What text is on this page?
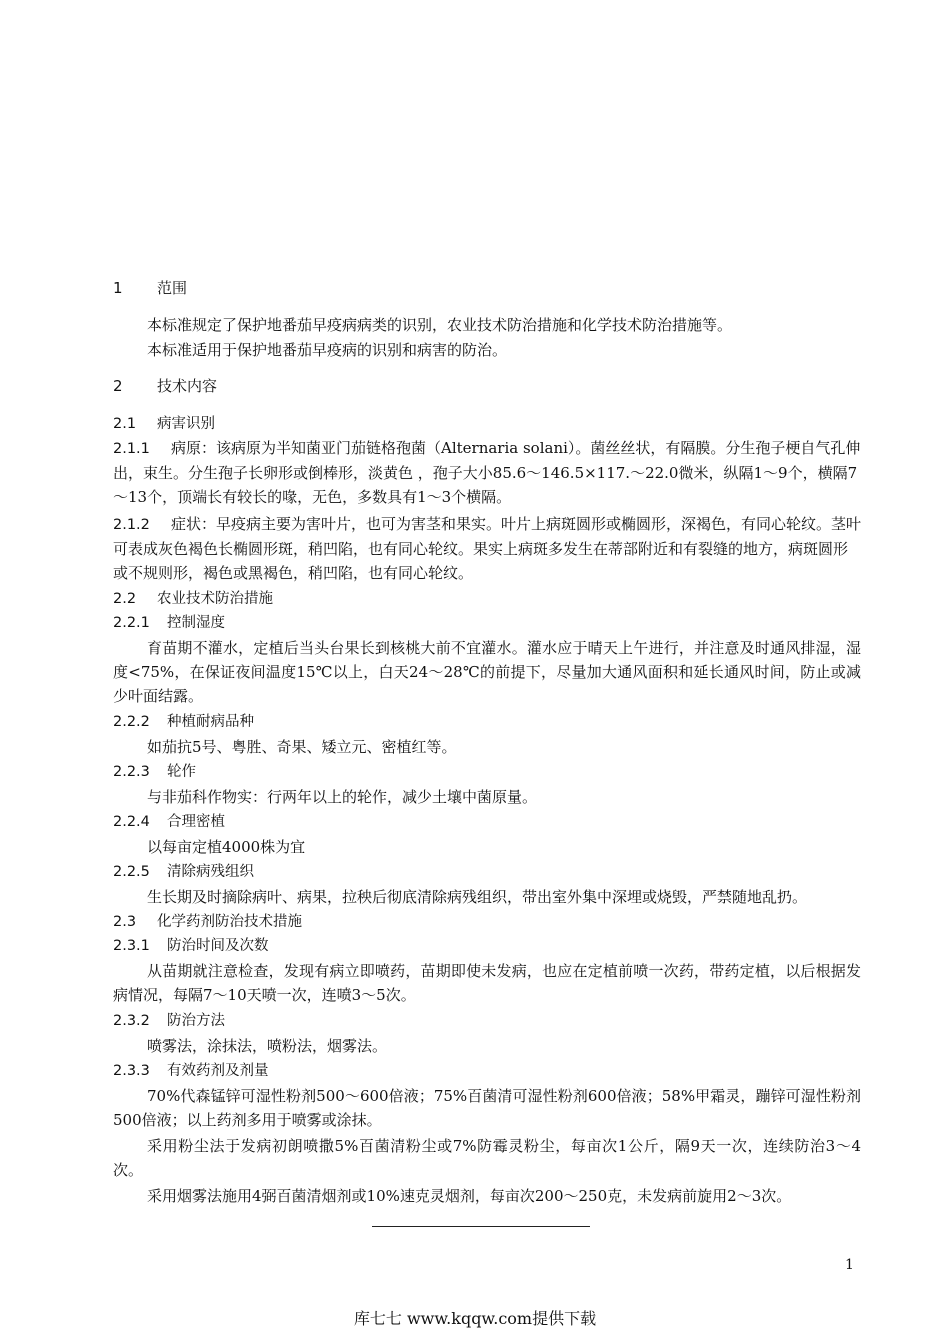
1 范围
本标准规定了保护地番茄早疫病病类的识别，农业技术防治措施和化学技术防治措施等。
本标准适用于保护地番茄早疫病的识别和病害的防治。
2 技术内容
2.1 病害识别
2.1.1 病原：该病原为半知菌亚门茄链格孢菌（Alternaria solani）。菌丝丝状，有隔膜。分生孢子梗自气孔伸出，束生。分生孢子长卵形或倒棒形，淡黄色 ，孢子大小85.6～146.5×117.～22.0微米，纵隔1～9个，横隔7～13个，顶端长有较长的喙，无色，多数具有1～3个横隔。
2.1.2 症状：早疫病主要为害叶片，也可为害茎和果实。叶片上病斑圆形或椭圆形，深褐色，有同心轮纹。茎叶可表成灰色褐色长椭圆形斑，稍凹陷，也有同心轮纹。果实上病斑多发生在蒂部附近和有裂缝的地方，病斑圆形或不规则形，褐色或黑褐色，稍凹陷，也有同心轮纹。
2.2 农业技术防治措施
2.2.1 控制湿度
育苗期不灌水，定植后当头台果长到核桃大前不宜灌水。灌水应于晴天上午进行，并注意及时通风排湿，湿度<75%，在保证夜间温度15℃以上，白天24～28℃的前提下，尽量加大通风面积和延长通风时间，防止或减少叶面结露。
2.2.2 种植耐病品种
如茄抗5号、粤胜、奇果、矮立元、密植红等。
2.2.3 轮作
与非茄科作物实：行两年以上的轮作，减少土壤中菌原量。
2.2.4 合理密植
以每亩定植4000株为宜
2.2.5 清除病残组织
生长期及时摘除病叶、病果，拉秧后彻底清除病残组织，带出室外集中深埋或烧毁，严禁随地乱扔。
2.3 化学药剂防治技术措施
2.3.1 防治时间及次数
从苗期就注意检查，发现有病立即喷药，苗期即使未发病，也应在定植前喷一次药，带药定植，以后根据发病情况，每隔7～10天喷一次，连喷3～5次。
2.3.2 防治方法
喷雾法，涂抹法，喷粉法，烟雾法。
2.3.3 有效药剂及剂量
70%代森锰锌可湿性粉剂500～600倍液；75%百菌清可湿性粉剂600倍液；58%甲霜灵，蹦锌可湿性粉剂500倍液；以上药剂多用于喷雾或涂抹。
采用粉尘法于发病初朗喷撒5%百菌清粉尘或7%防霉灵粉尘，每亩次1公斤，隔9天一次，连续防治3～4次。
采用烟雾法施用4弼百菌清烟剂或10%速克灵烟剂，每亩次200～250克，未发病前旋用2～3次。
1
库七七 www.kqqw.com提供下载
